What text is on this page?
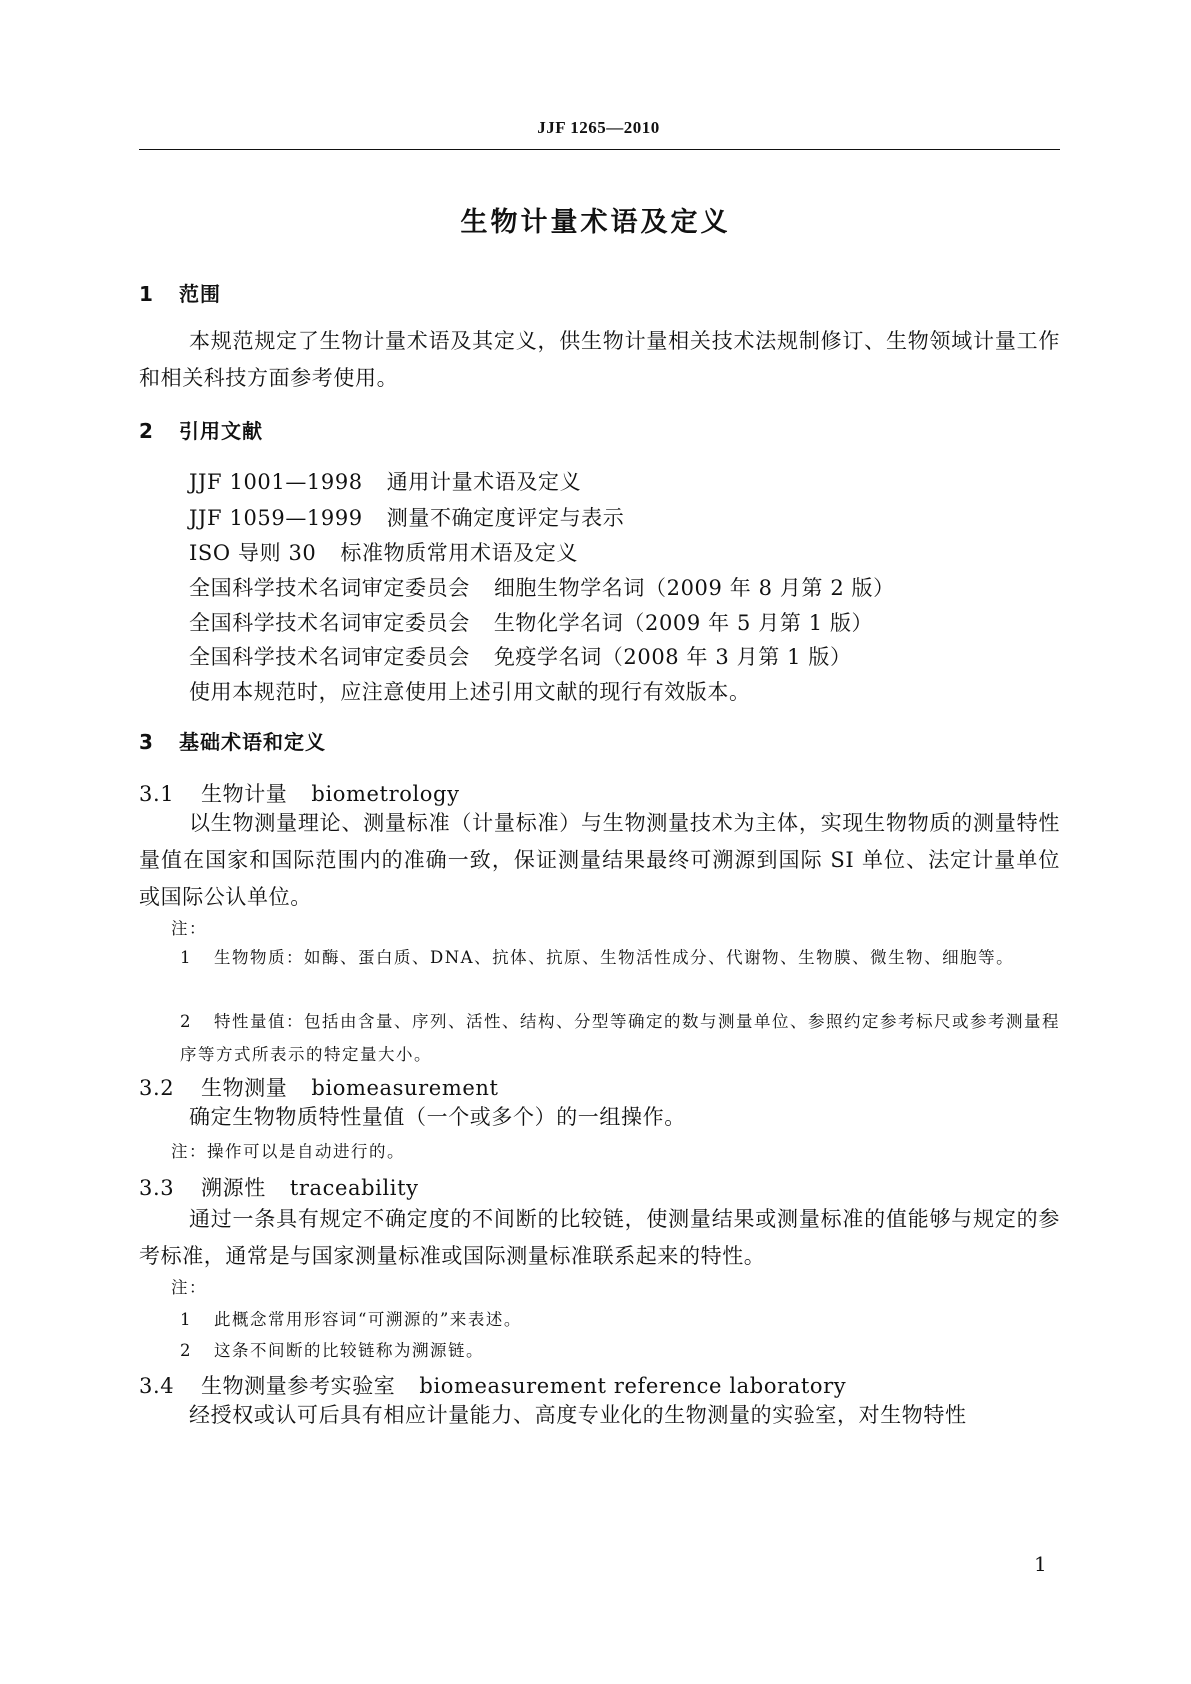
JJF 1265—2010
生物计量术语及定义
1 范围
本规范规定了生物计量术语及其定义，供生物计量相关技术法规制修订、生物领域计量工作和相关科技方面参考使用。
2 引用文献
JJF 1001—1998 通用计量术语及定义
JJF 1059—1999 测量不确定度评定与表示
ISO 导则 30 标准物质常用术语及定义
全国科学技术名词审定委员会 细胞生物学名词（2009 年 8 月第 2 版）
全国科学技术名词审定委员会 生物化学名词（2009 年 5 月第 1 版）
全国科学技术名词审定委员会 免疫学名词（2008 年 3 月第 1 版）
使用本规范时，应注意使用上述引用文献的现行有效版本。
3 基础术语和定义
3.1 生物计量 biometrology
以生物测量理论、测量标准（计量标准）与生物测量技术为主体，实现生物物质的测量特性量值在国家和国际范围内的准确一致，保证测量结果最终可溯源到国际 SI 单位、法定计量单位或国际公认单位。
注：
1 生物物质：如酶、蛋白质、DNA、抗体、抗原、生物活性成分、代谢物、生物膜、微生物、细胞等。
2 特性量值：包括由含量、序列、活性、结构、分型等确定的数与测量单位、参照约定参考标尺或参考测量程序等方式所表示的特定量大小。
3.2 生物测量 biomeasurement
确定生物物质特性量值（一个或多个）的一组操作。
注：操作可以是自动进行的。
3.3 溯源性 traceability
通过一条具有规定不确定度的不间断的比较链，使测量结果或测量标准的值能够与规定的参考标准，通常是与国家测量标准或国际测量标准联系起来的特性。
注：
1 此概念常用形容词“可溯源的”来表述。
2 这条不间断的比较链称为溯源链。
3.4 生物测量参考实验室 biomeasurement reference laboratory
经授权或认可后具有相应计量能力、高度专业化的生物测量的实验室，对生物特性
1
